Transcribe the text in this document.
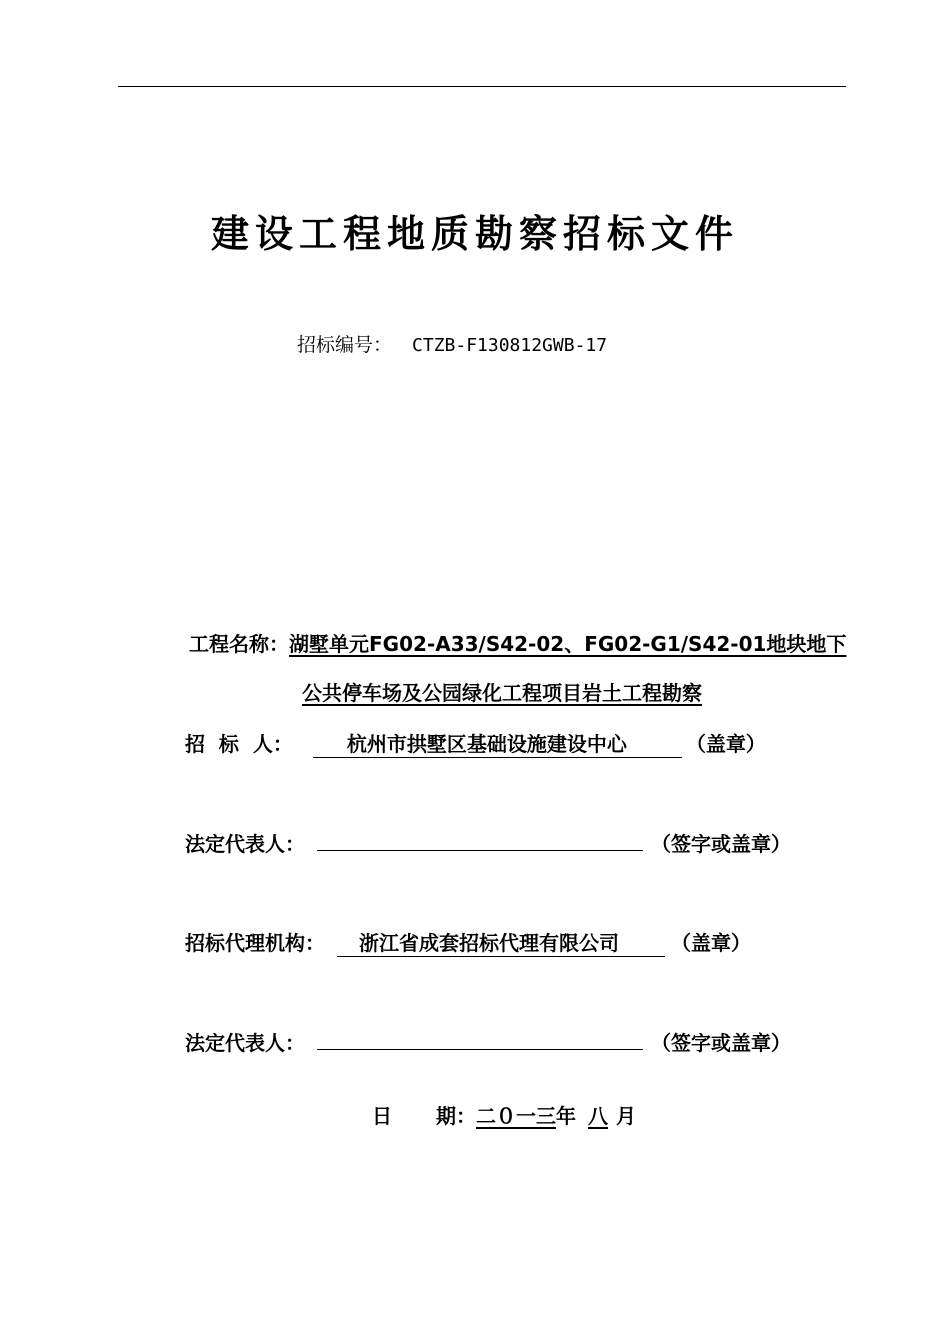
建设工程地质勘察招标文件
招标编号： CTZB-F130812GWB-17
工程名称：湖墅单元FG02-A33/S42-02、FG02-G1/S42-01地块地下
公共停车场及公园绿化工程项目岩土工程勘察
招  标  人：	杭州市拱墅区基础设施建设中心	（盖章）
法定代表人：	（签字或盖章）
招标代理机构： 浙江省成套招标代理有限公司	（盖章）
法定代表人：	（签字或盖章）
日 期：二０一三年 八 月
